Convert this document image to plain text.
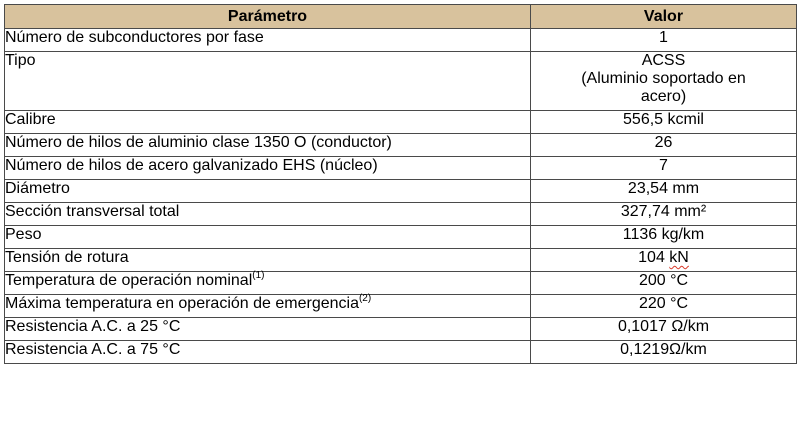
Parámetro	Valor
Número de subconductores por fase	1
Tipo	ACSS
(Aluminio soportado en
acero)

Calibre	556,5 kcmil
Número de hilos de aluminio clase 1350 O (conductor)	26
Número de hilos de acero galvanizado EHS (núcleo)	7
Diámetro	23,54 mm
Sección transversal total	327,74 mm²
Peso	1136 kg/km
Tensión de rotura	104 kN
Temperatura de operación nominal$^{(1)}$	200 °C
Máxima temperatura en operación de emergencia$^{(2)}$	220 °C
Resistencia A.C. a 25 °C	0,1017 Ω/km
Resistencia A.C. a 75 °C	0,1219Ω/km
